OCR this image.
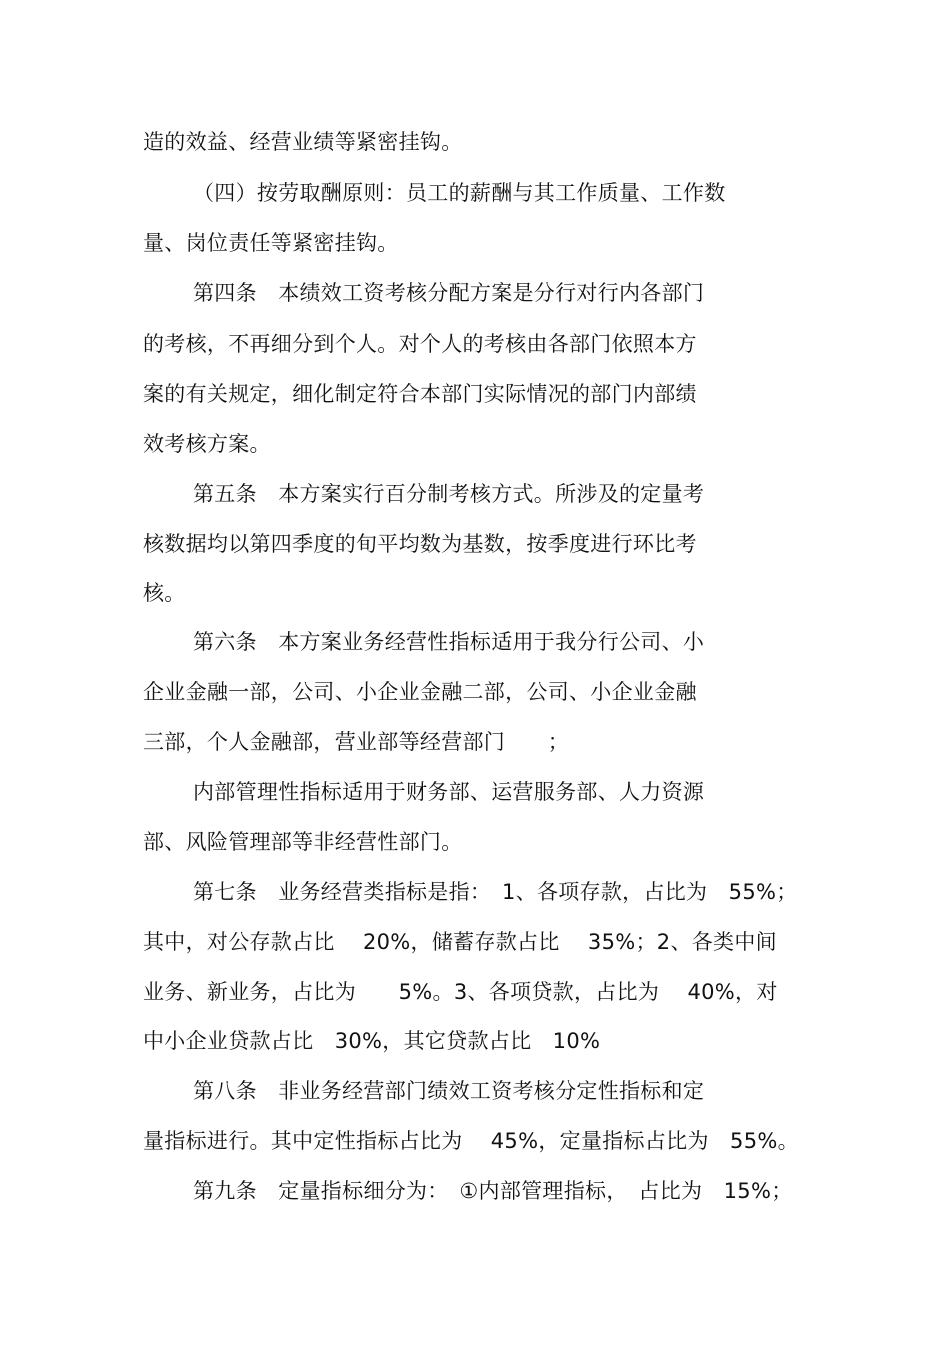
造的效益、经营业绩等紧密挂钩。
（四）按劳取酬原则：员工的薪酬与其工作质量、工作数
量、岗位责任等紧密挂钩。
第四条　本绩效工资考核分配方案是分行对行内各部门
的考核，不再细分到个人。对个人的考核由各部门依照本方
案的有关规定，细化制定符合本部门实际情况的部门内部绩
效考核方案。
第五条　本方案实行百分制考核方式。所涉及的定量考
核数据均以第四季度的旬平均数为基数，按季度进行环比考
核。
第六条　本方案业务经营性指标适用于我分行公司、小
企业金融一部，公司、小企业金融二部，公司、小企业金融
三部，个人金融部，营业部等经营部门　　；
内部管理性指标适用于财务部、运营服务部、人力资源
部、风险管理部等非经营性部门。
第七条　业务经营类指标是指：　1、各项存款，占比为　55%；
其中，对公存款占比　 20%，储蓄存款占比　 35%；2、各类中间
业务、新业务，占比为　　5%。3、各项贷款，占比为　 40%，对
中小企业贷款占比　30%，其它贷款占比　10%
第八条　非业务经营部门绩效工资考核分定性指标和定
量指标进行。其中定性指标占比为　 45%，定量指标占比为　55%。
第九条　定量指标细分为：　①内部管理指标，　占比为　15%；
